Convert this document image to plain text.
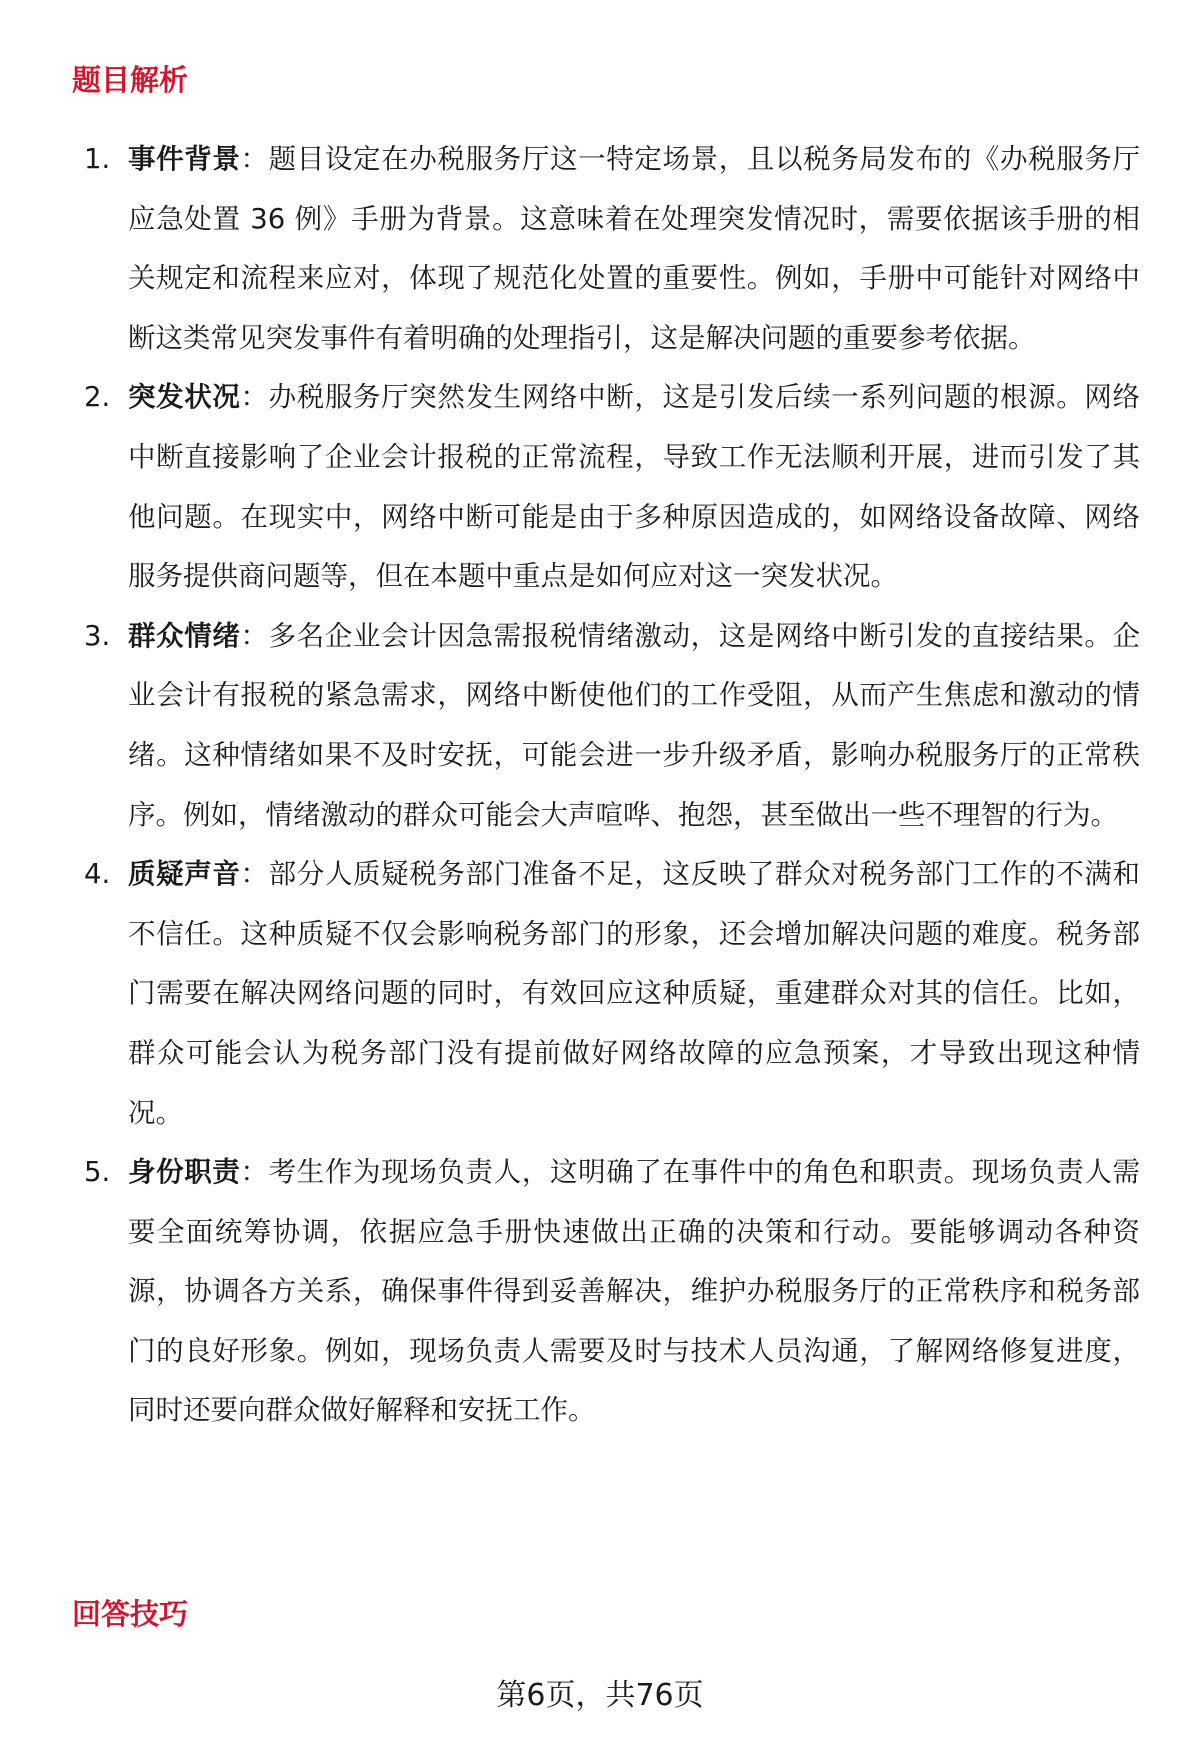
题目解析
1. 事件背景：题目设定在办税服务厅这一特定场景，且以税务局发布的《办税服务厅应急处置 36 例》手册为背景。这意味着在处理突发情况时，需要依据该手册的相关规定和流程来应对，体现了规范化处置的重要性。例如，手册中可能针对网络中断这类常见突发事件有着明确的处理指引，这是解决问题的重要参考依据。
2. 突发状况：办税服务厅突然发生网络中断，这是引发后续一系列问题的根源。网络中断直接影响了企业会计报税的正常流程，导致工作无法顺利开展，进而引发了其他问题。在现实中，网络中断可能是由于多种原因造成的，如网络设备故障、网络服务提供商问题等，但在本题中重点是如何应对这一突发状况。
3. 群众情绪：多名企业会计因急需报税情绪激动，这是网络中断引发的直接结果。企业会计有报税的紧急需求，网络中断使他们的工作受阻，从而产生焦虑和激动的情绪。这种情绪如果不及时安抚，可能会进一步升级矛盾，影响办税服务厅的正常秩序。例如，情绪激动的群众可能会大声喧哗、抱怨，甚至做出一些不理智的行为。
4. 质疑声音：部分人质疑税务部门准备不足，这反映了群众对税务部门工作的不满和不信任。这种质疑不仅会影响税务部门的形象，还会增加解决问题的难度。税务部门需要在解决网络问题的同时，有效回应这种质疑，重建群众对其的信任。比如，群众可能会认为税务部门没有提前做好网络故障的应急预案，才导致出现这种情况。
5. 身份职责：考生作为现场负责人，这明确了在事件中的角色和职责。现场负责人需要全面统筹协调，依据应急手册快速做出正确的决策和行动。要能够调动各种资源，协调各方关系，确保事件得到妥善解决，维护办税服务厅的正常秩序和税务部门的良好形象。例如，现场负责人需要及时与技术人员沟通，了解网络修复进度，同时还要向群众做好解释和安抚工作。
回答技巧
第6页，共76页
